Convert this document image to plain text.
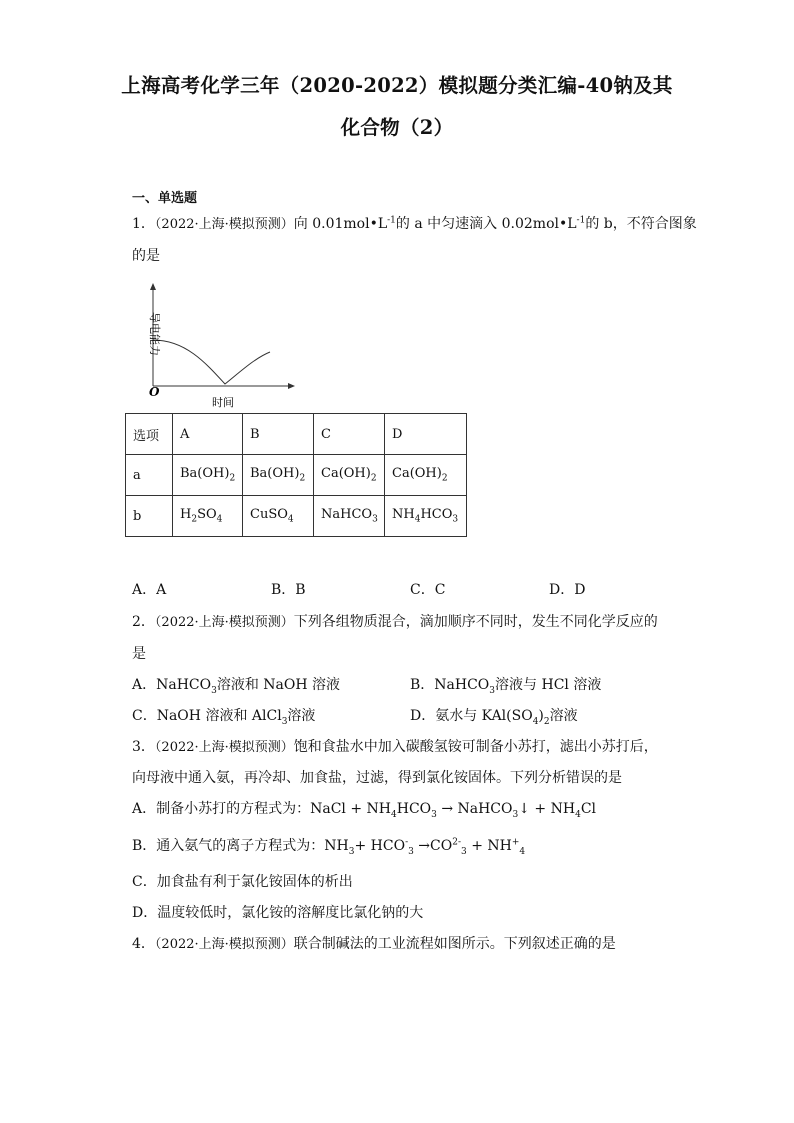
上海高考化学三年（2020-2022）模拟题分类汇编-40钠及其
化合物（2）
一、单选题
1．（2022·上海·模拟预测）向 $0.01mol•L^{-1}$的 a 中匀速滴入 $0.02mol•L^{-1}$的 b，不符合图象
的是
导电能力
O
时间
选项	A	B	C	D
a	$Ba(OH)_2$	$Ba(OH)_2$	$Ca(OH)_2$	$Ca(OH)_2$
b	$H_2SO_4$	CuSO$_4$	NaHCO$_3$	$NH_4HCO_3$
A．A	B．B	C．C	D．D
2．（2022·上海·模拟预测）下列各组物质混合，滴加顺序不同时，发生不同化学反应的
是
A．NaHCO$_3$溶液和 NaOH 溶液	B．NaHCO$_3$溶液与 HCl 溶液
C．NaOH 溶液和 AlCl$_3$溶液	D．氨水与 $KAl(SO_4)_2$溶液
3．（2022·上海·模拟预测）饱和食盐水中加入碳酸氢铵可制备小苏打，滤出小苏打后，
向母液中通入氨，再冷却、加食盐，过滤，得到氯化铵固体。下列分析错误的是
A．制备小苏打的方程式为：NaCl + $NH_4HCO_3$ → NaHCO$_3$↓ + $NH_4Cl$
B．通入氨气的离子方程式为：$NH_3+ HCO^-_3 \to CO^{2-}_3 + NH^+_4$
C．加食盐有利于氯化铵固体的析出
D．温度较低时，氯化铵的溶解度比氯化钠的大
4．（2022·上海·模拟预测）联合制碱法的工业流程如图所示。下列叙述正确的是
